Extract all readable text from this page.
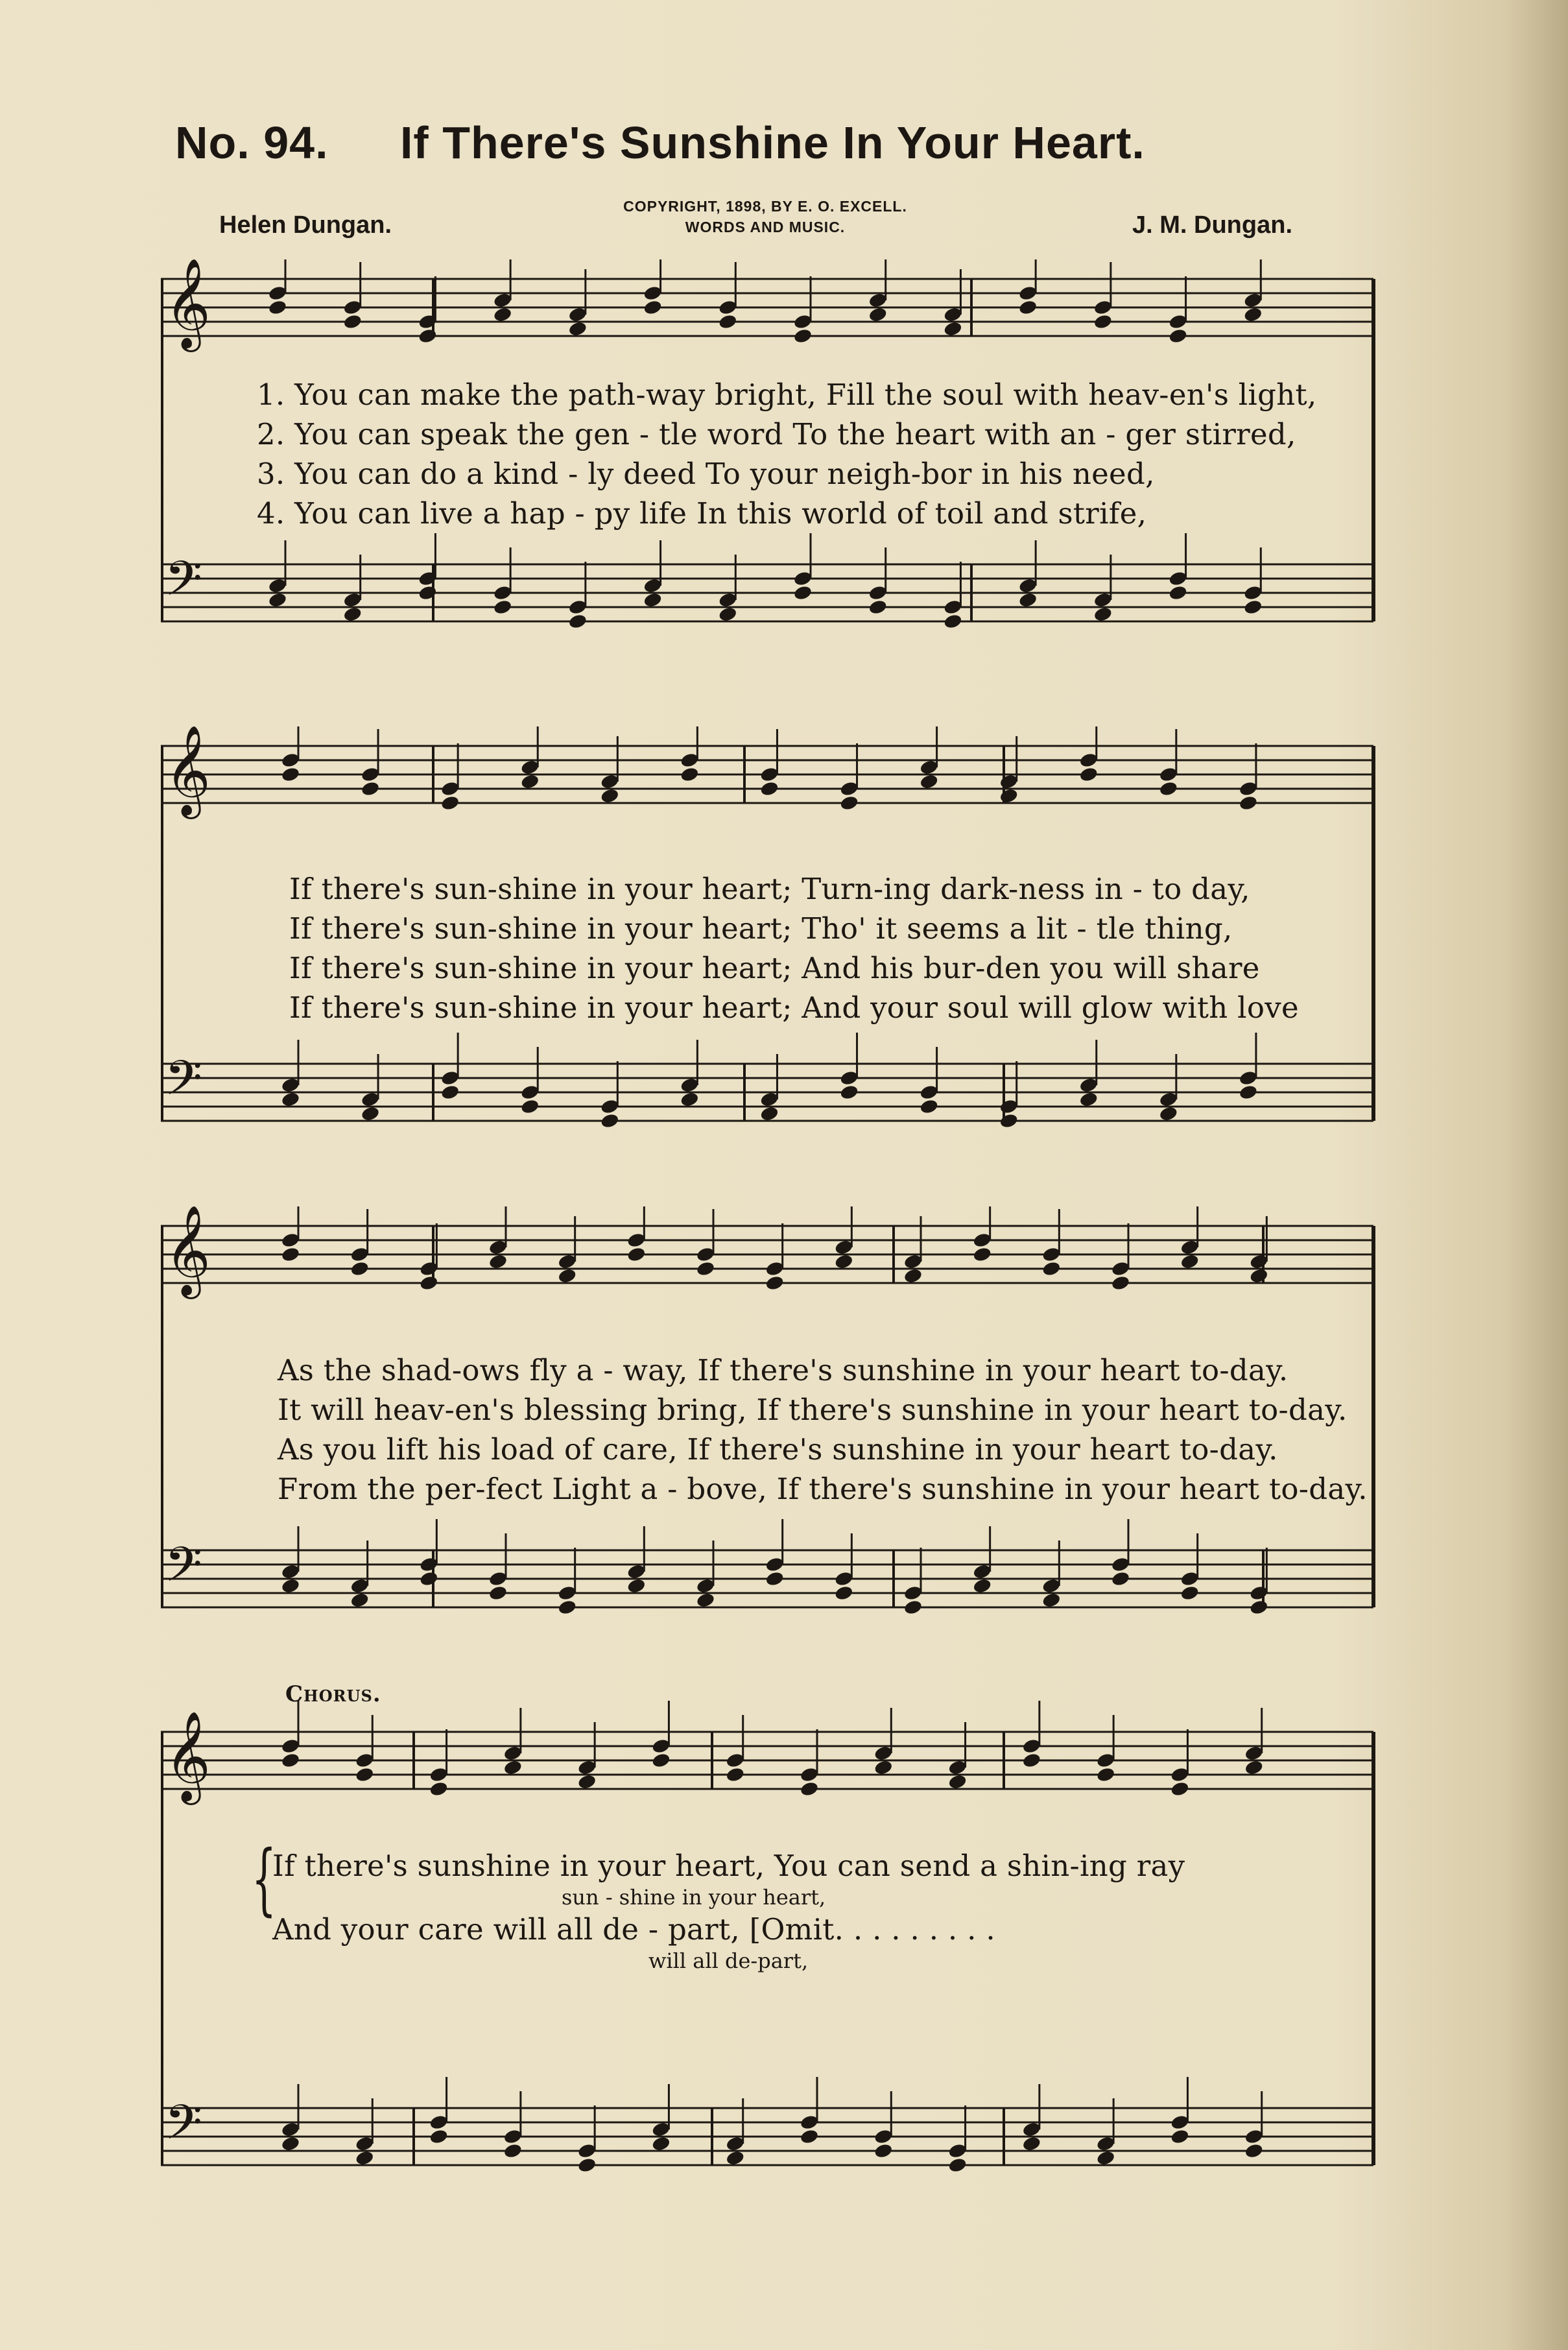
No. 94. If There's Sunshine In Your Heart.
Helen Dungan.	J. M. Dungan.
COPYRIGHT, 1898, BY E. O. EXCELL.
WORDS AND MUSIC.
𝄞
𝄢
1. You can make the path-way bright, Fill the soul with heav-en's light,
2. You can speak the gen - tle word To the heart with an - ger stirred,
3. You can do a kind - ly deed To your neigh-bor in his need,
4. You can live a hap - py life In this world of toil and strife,
𝄞
𝄢
If there's sun-shine in your heart; Turn-ing dark-ness in - to day,
If there's sun-shine in your heart; Tho' it seems a lit - tle thing,
If there's sun-shine in your heart; And his bur-den you will share
If there's sun-shine in your heart; And your soul will glow with love
𝄞
𝄢
As the shad-ows fly a - way, If there's sunshine in your heart to-day.
It will heav-en's blessing bring, If there's sunshine in your heart to-day.
As you lift his load of care, If there's sunshine in your heart to-day.
From the per-fect Light a - bove, If there's sunshine in your heart to-day.
Chorus.
𝄞
𝄢
{
If there's sunshine in your heart, You can send a shin-ing ray
sun - shine in your heart,
And your care will all de - part, [Omit. . . . . . . . .
will all de-part,
